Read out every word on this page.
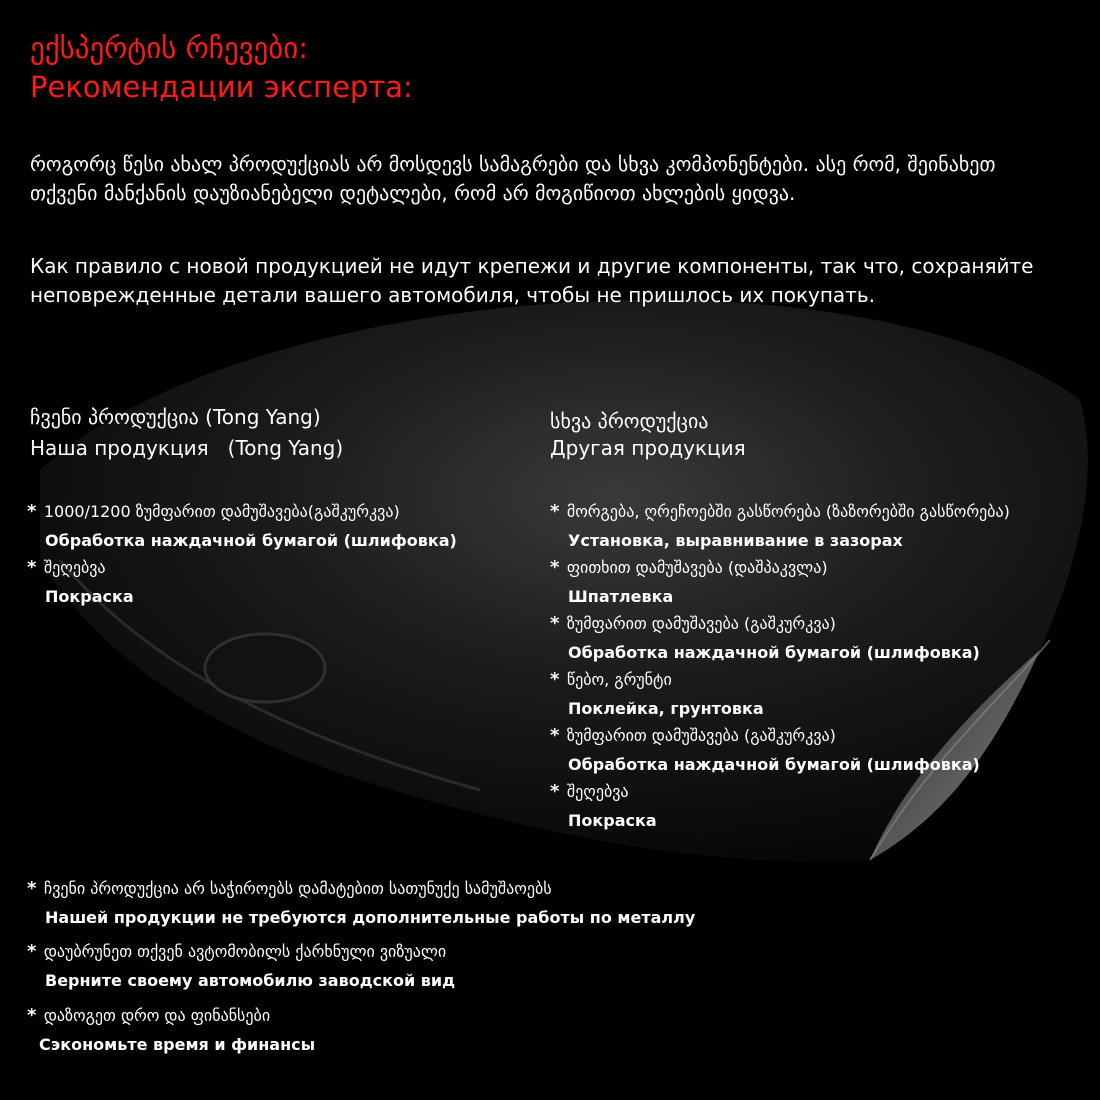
ექსპერტის რჩევები:
Рекомендации эксперта:
როგორც წესი ახალ პროდუქციას არ მოსდევს სამაგრები და სხვა კომპონენტები. ასე რომ, შეინახეთ თქვენი მანქანის დაუზიანებელი დეტალები, რომ არ მოგიწიოთ ახლების ყიდვა.
Как правило с новой продукцией не идут крепежи и другие компоненты, так что, сохраняйте неповрежденные детали вашего автомобиля, чтобы не пришлось их покупать.
ჩვენი პროდუქცია (Tong Yang)
Наша продукция   (Tong Yang)
სხვა პროდუქცია
Другая продукция
* 1000/1200 ზუმფარით დამუშავება(გაშკურკვა)
Обработка наждачной бумагой (шлифовка)
* შეღებვა
Покраска
* მორგება, ღრეჩოებში გასწორება (ზაზორებში გასწორება)
Установка, выравнивание в зазорах
* ფითხით დამუშავება (დაშპაკვლა)
Шпатлевка
* ზუმფარით დამუშავება (გაშკურკვა)
Обработка наждачной бумагой (шлифовка)
* წებო, გრუნტი
Поклейка, грунтовка
* ზუმფარით დამუშავება (გაშკურკვა)
Обработка наждачной бумагой (шлифовка)
* შეღებვა
Покраска
* ჩვენი პროდუქცია არ საჭიროებს დამატებით სათუნუქე სამუშაოებს
Нашей продукции не требуются дополнительные работы по металлу
* დაუბრუნეთ თქვენ ავტომობილს ქარხნული ვიზუალი
Верните своему автомобилю заводской вид
* დაზოგეთ დრო და ფინანსები
Сэкономьте время и финансы
